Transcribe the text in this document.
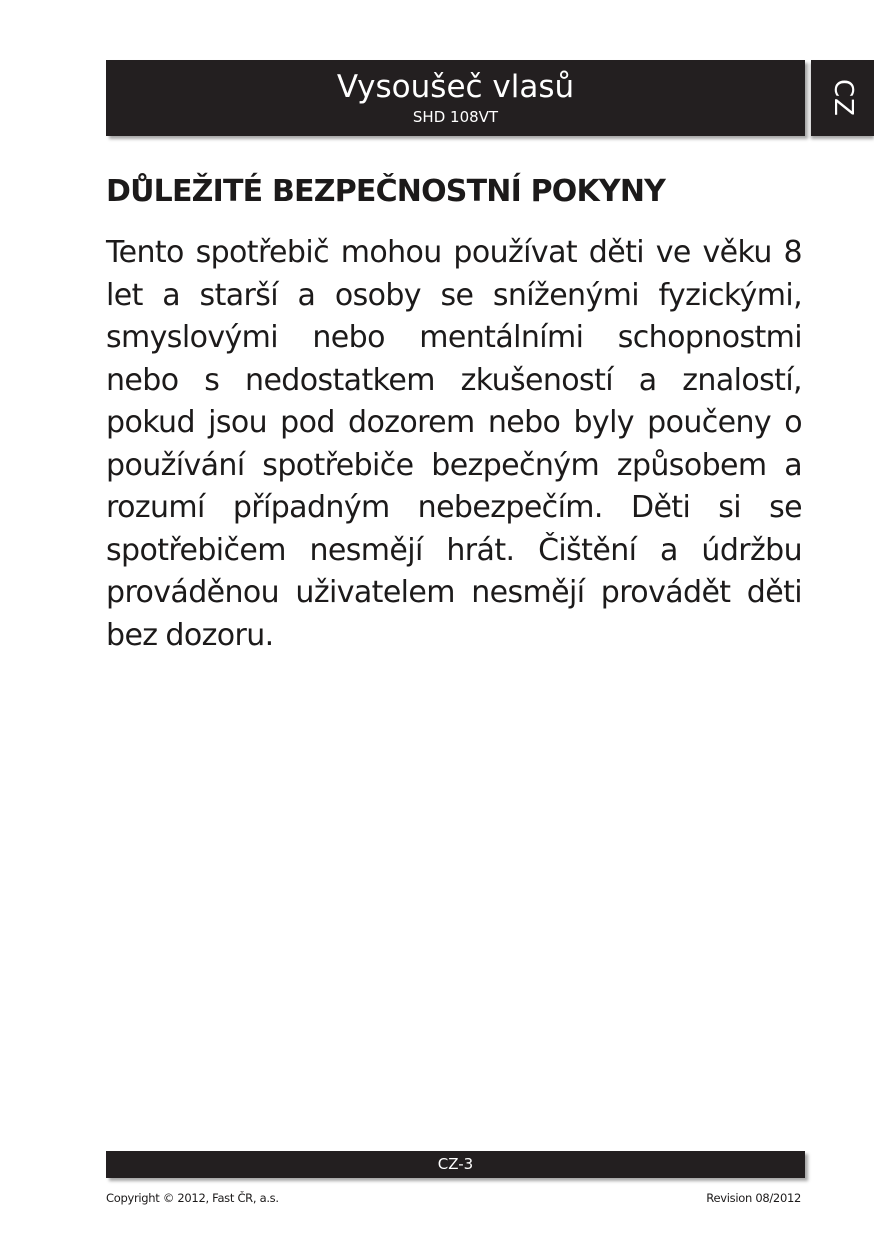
Vysoušeč vlasů
SHD 108VT
CZ
DŮLEŽITÉ BEZPEČNOSTNÍ POKYNY

Tento spotřebič mohou používat děti ve věku 8 let a starší a osoby se sníženými fyzickými, smyslovými nebo mentálními schopnostmi nebo s nedostatkem zkušeností a znalostí, pokud jsou pod dozorem nebo byly poučeny o používání spotřebiče bezpečným způsobem a rozumí případným nebezpečím. Děti si se spotřebičem nesmějí hrát. Čištění a údržbu prováděnou uživatelem nesmějí provádět děti bez dozoru.

CZ-3
Copyright © 2012, Fast ČR, a.s.	Revision 08/2012
